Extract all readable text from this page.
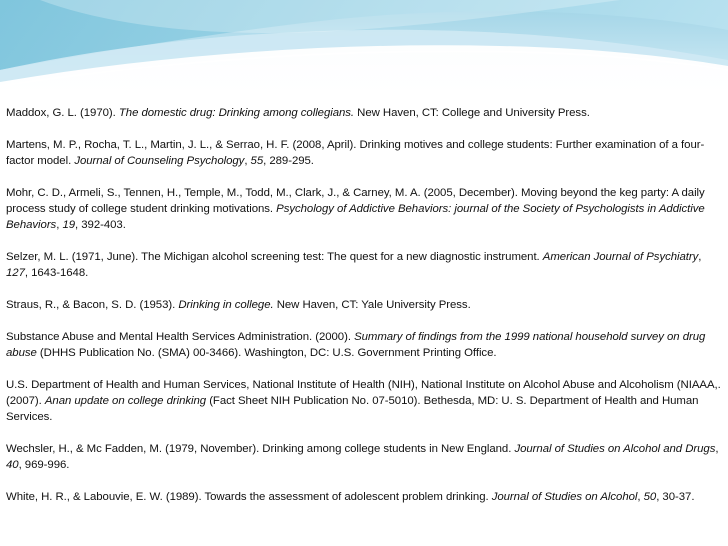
Maddox, G. L. (1970). The domestic drug: Drinking among collegians. New Haven, CT: College and University Press.

Martens, M. P., Rocha, T. L., Martin, J. L., & Serrao, H. F. (2008, April). Drinking motives and college students: Further examination of a four-factor model. Journal of Counseling Psychology, 55, 289-295.

Mohr, C. D., Armeli, S., Tennen, H., Temple, M., Todd, M., Clark, J., & Carney, M. A. (2005, December). Moving beyond the keg party: A daily process study of college student drinking motivations. Psychology of Addictive Behaviors: journal of the Society of Psychologists in Addictive Behaviors, 19, 392-403.

Selzer, M. L. (1971, June). The Michigan alcohol screening test: The quest for a new diagnostic instrument. American Journal of Psychiatry, 127, 1643-1648.

Straus, R., & Bacon, S. D. (1953). Drinking in college. New Haven, CT: Yale University Press.

Substance Abuse and Mental Health Services Administration. (2000). Summary of findings from the 1999 national household survey on drug abuse (DHHS Publication No. (SMA) 00-3466). Washington, DC: U.S. Government Printing Office.

U.S. Department of Health and Human Services, National Institute of Health (NIH), National Institute on Alcohol Abuse and Alcoholism (NIAAA,. (2007). Anan update on college drinking (Fact Sheet NIH Publication No. 07-5010). Bethesda, MD: U. S. Department of Health and Human Services.

Wechsler, H., & Mc Fadden, M. (1979, November). Drinking among college students in New England. Journal of Studies on Alcohol and Drugs, 40, 969-996.

White, H. R., & Labouvie, E. W. (1989). Towards the assessment of adolescent problem drinking. Journal of Studies on Alcohol, 50, 30-37.
